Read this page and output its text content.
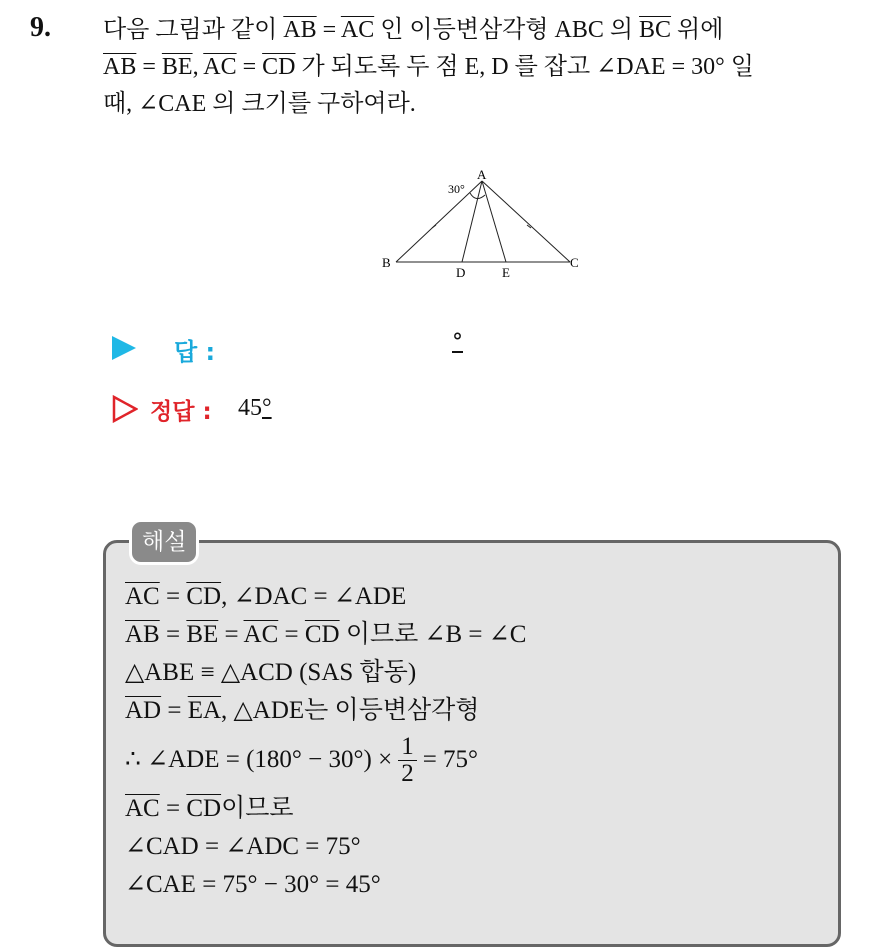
9. 다음 그림과 같이 $\overline{AB} = \overline{AC}$ 인 이등변삼각형 ABC 의 $\overline{BC}$ 위에
$\overline{AB} = \overline{BE}$, $\overline{AC} = \overline{CD}$ 가 되도록 두 점 E, D 를 잡고 ∠DAE = 30° 일
때, ∠CAE 의 크기를 구하여라.
A
B	C
D	E
30°
답 :	°
정답 : 45°
해설
$\overline{AC} = \overline{CD}$, ∠DAC = ∠ADE
$\overline{AB} = \overline{BE} = \overline{AC} = \overline{CD}$ 이므로 ∠B = ∠C
△ABE ≡ △ACD (SAS 합동)
$\overline{AD} = \overline{EA}$, △ADE는 이등변삼각형
∴ ∠ADE = $(180^\circ - 30^\circ) \times \frac{1}{2} = 75^\circ$
$\overline{AC} = \overline{CD}$이므로
∠CAD = ∠ADC = 75°
∠CAE = 75° − 30° = 45°
